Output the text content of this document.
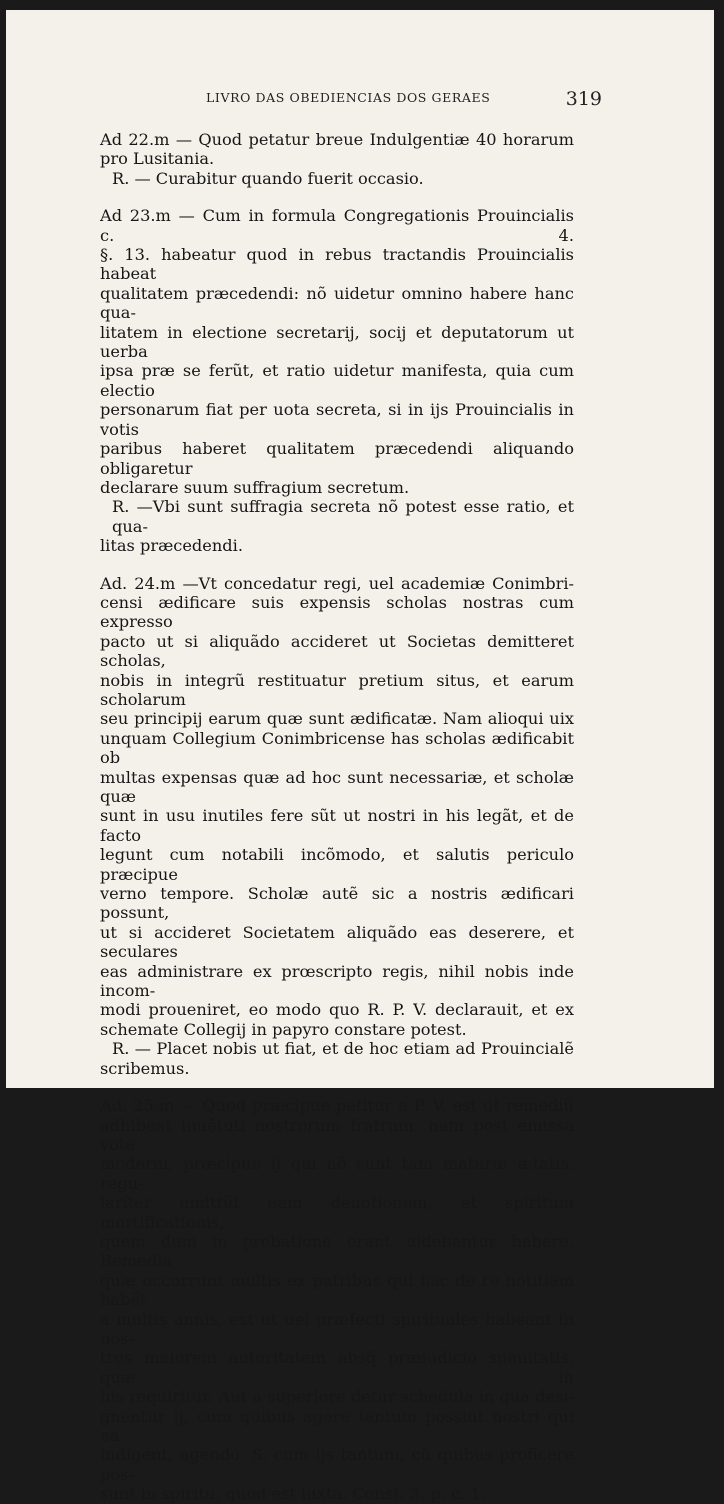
LIVRO DAS OBEDIENCIAS DOS GERAES	319
Ad 22.m — Quod petatur breue Indulgentiæ 40 horarum
pro Lusitania.
R. — Curabitur quando fuerit occasio.
Ad 23.m — Cum in formula Congregationis Prouincialis c. 4.
§. 13. habeatur quod in rebus tractandis Prouincialis habeat
qualitatem præcedendi: nõ uidetur omnino habere hanc qua-
litatem in electione secretarij, socij et deputatorum ut uerba
ipsa præ se ferũt, et ratio uidetur manifesta, quia cum electio
personarum fiat per uota secreta, si in ijs Prouincialis in votis
paribus haberet qualitatem præcedendi aliquando obligaretur
declarare suum suffragium secretum.
R. —Vbi sunt suffragia secreta nõ potest esse ratio, et qua-
litas præcedendi.
Ad. 24.m —Vt concedatur regi, uel academiæ Conimbri-
censi ædificare suis expensis scholas nostras cum expresso
pacto ut si aliquãdo accideret ut Societas demitteret scholas,
nobis in integrũ restituatur pretium situs, et earum scholarum
seu principij earum quæ sunt ædificatæ. Nam alioqui uix
unquam Collegium Conimbricense has scholas ædificabit ob
multas expensas quæ ad hoc sunt necessariæ, et scholæ quæ
sunt in usu inutiles fere sũt ut nostri in his legãt, et de facto
legunt cum notabili incõmodo, et salutis periculo præcipue
verno tempore. Scholæ autẽ sic a nostris ædificari possunt,
ut si accideret Societatem aliquãdo eas deserere, et seculares
eas administrare ex prœscripto regis, nihil nobis inde incom-
modi proueniret, eo modo quo R. P. V. declarauit, et ex
schemate Collegij in papyro constare potest.
R. — Placet nobis ut fiat, et de hoc etiam ad Prouincialẽ
scribemus.
Ad. 25.m — Quod præcipue petitur a P. V. est ut remediũ
adhibeat iuuẽtuti nostrorum fratrum: nam post emissa vota
moderni, præcipue ij qui nõ sunt tam maturæ ætatis, regu-
lariter amittũt eam deuotionem, et spiritum mortificationis,
quem dum in probatione erant uidebantur habere. Remedia
quæ occurrunt multis ex patribus qui hac de re notitiam habẽt
a multis annis, est ut uel præfecti spirituales habeant in nos-
tros maiorem autoritatem absq̃ præiudicio suauitatis, quæ in
his requiritur. Aut a superiore detur schedula in qua desi-
gnentur ij, cum quibus agere tantum possint nostri qui ea
indigent, agendo. S. cum ijs tantum, cũ quibus proficere pos-
sunt in spiritu, quod est iuxta. Const. 3. p. c. 1.
